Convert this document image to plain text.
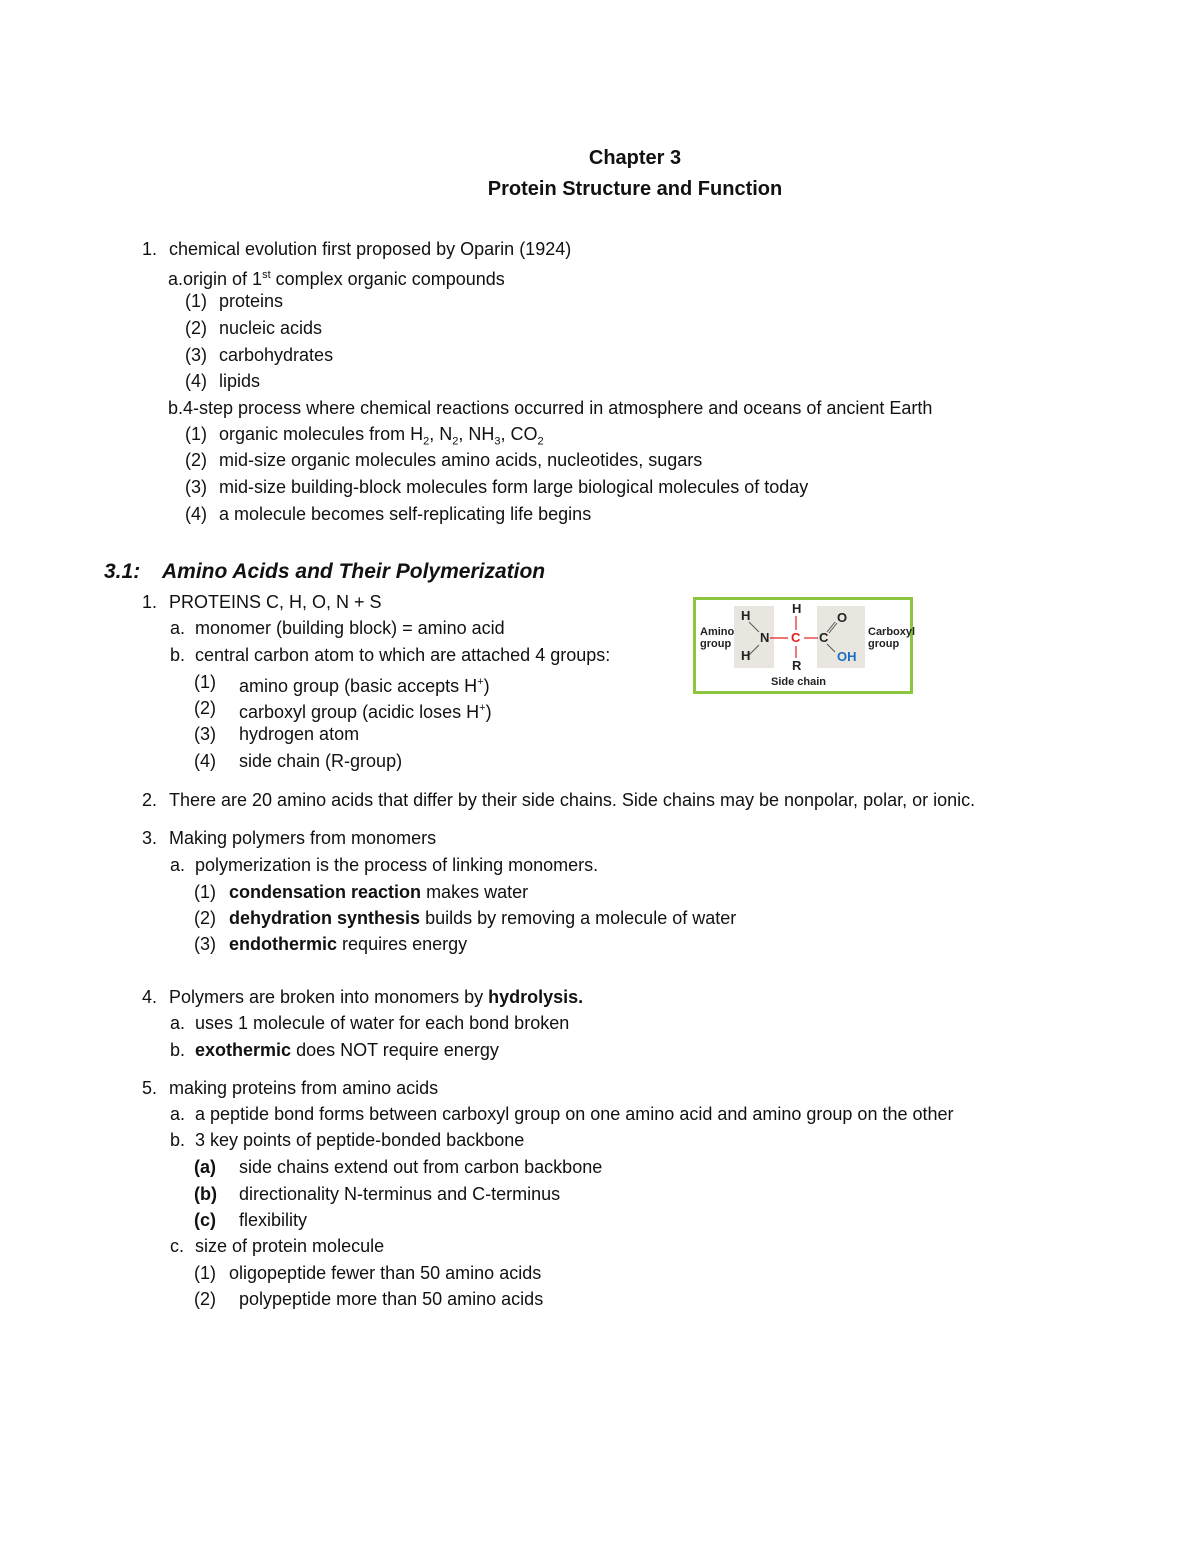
Chapter 3
Protein Structure and Function
1. chemical evolution first proposed by Oparin (1924)
a.origin of 1st complex organic compounds
(1) proteins
(2) nucleic acids
(3) carbohydrates
(4) lipids
b.4-step process where chemical reactions occurred in atmosphere and oceans of ancient Earth
(1) organic molecules from $H_2$, $N_2$, $NH_3$, $CO_2$
(2) mid-size organic molecules amino acids, nucleotides, sugars
(3) mid-size building-block molecules form large biological molecules of today
(4) a molecule becomes self-replicating life begins
3.1: Amino Acids and Their Polymerization
1. PROTEINS C, H, O, N + S
a. monomer (building block) = amino acid
b. central carbon atom to which are attached 4 groups:
(1) amino group (basic accepts H+)
(2) carboxyl group (acidic loses H+)
(3) hydrogen atom
(4) side chain (R-group)
2. There are 20 amino acids that differ by their side chains. Side chains may be nonpolar, polar, or ionic.
3. Making polymers from monomers
a. polymerization is the process of linking monomers.
(1) condensation reaction makes water
(2) dehydration synthesis builds by removing a molecule of water
(3) endothermic requires energy
4. Polymers are broken into monomers by hydrolysis.
a. uses 1 molecule of water for each bond broken
b. exothermic does NOT require energy
5. making proteins from amino acids
a. a peptide bond forms between carboxyl group on one amino acid and amino group on the other
b. 3 key points of peptide-bonded backbone
(a) side chains extend out from carbon backbone
(b) directionality N-terminus and C-terminus
(c) flexibility
c. size of protein molecule
(1) oligopeptide fewer than 50 amino acids
(2) polypeptide more than 50 amino acids
Amino
group
Carboxyl
group
H
H
N
H
C C
O
OH
R
Side chain
